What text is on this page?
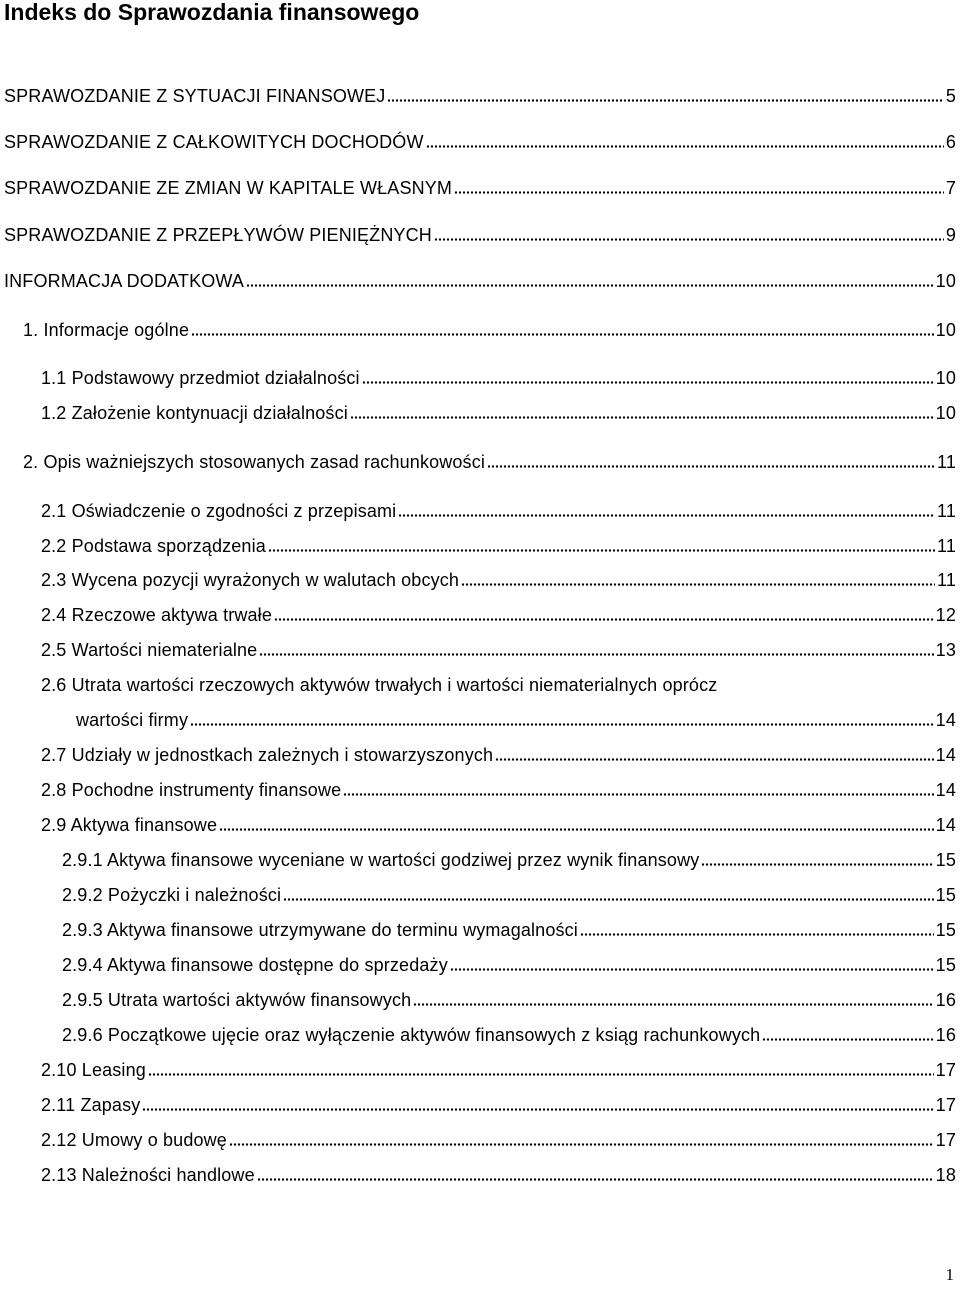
Indeks do Sprawozdania finansowego
SPRAWOZDANIE Z SYTUACJI FINANSOWEJ	5
SPRAWOZDANIE Z CAŁKOWITYCH DOCHODÓW	6
SPRAWOZDANIE ZE ZMIAN W KAPITALE WŁASNYM	7
SPRAWOZDANIE Z PRZEPŁYWÓW PIENIĘŻNYCH	9
INFORMACJA DODATKOWA	10
1. Informacje ogólne	10
1.1 Podstawowy przedmiot działalności	10
1.2 Założenie kontynuacji działalności	10
2. Opis ważniejszych stosowanych zasad rachunkowości	11
2.1 Oświadczenie o zgodności z przepisami	11
2.2 Podstawa sporządzenia	11
2.3 Wycena pozycji wyrażonych w walutach obcych	11
2.4 Rzeczowe aktywa trwałe	12
2.5 Wartości niematerialne	13
2.6 Utrata wartości rzeczowych aktywów trwałych i wartości niematerialnych oprócz
wartości firmy	14
2.7 Udziały w jednostkach zależnych i stowarzyszonych	14
2.8 Pochodne instrumenty finansowe	14
2.9 Aktywa finansowe	14
2.9.1 Aktywa finansowe wyceniane w wartości godziwej przez wynik finansowy	15
2.9.2 Pożyczki i należności	15
2.9.3 Aktywa finansowe utrzymywane do terminu wymagalności	15
2.9.4 Aktywa finansowe dostępne do sprzedaży	15
2.9.5 Utrata wartości aktywów finansowych	16
2.9.6 Początkowe ujęcie oraz wyłączenie aktywów finansowych z ksiąg rachunkowych	16
2.10 Leasing	17
2.11 Zapasy	17
2.12 Umowy o budowę	17
2.13 Należności handlowe	18
1
